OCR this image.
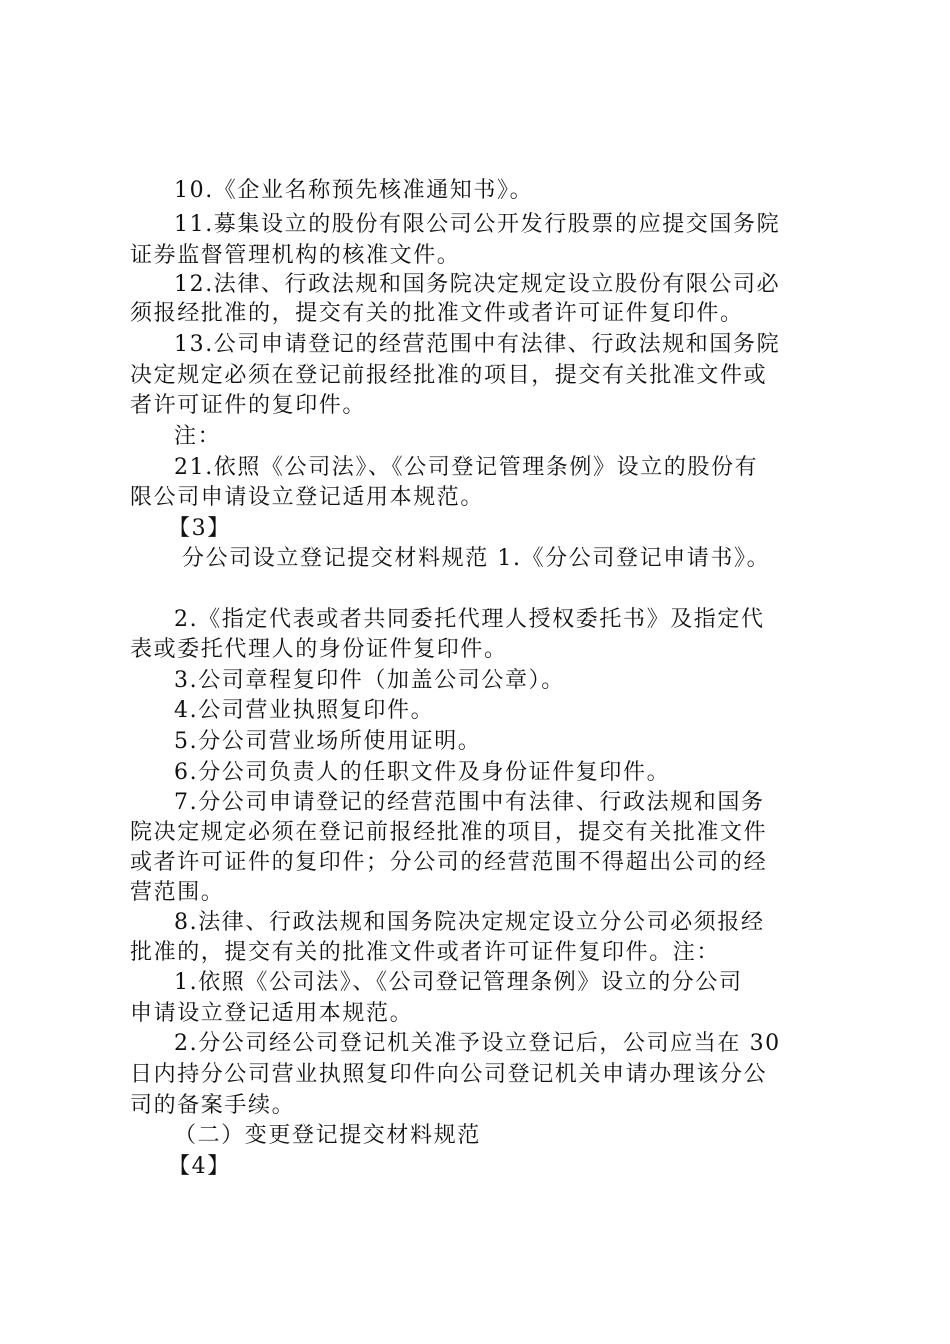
10.《企业名称预先核准通知书》。
11.募集设立的股份有限公司公开发行股票的应提交国务院
证券监督管理机构的核准文件。
12.法律、行政法规和国务院决定规定设立股份有限公司必
须报经批准的，提交有关的批准文件或者许可证件复印件。
13.公司申请登记的经营范围中有法律、行政法规和国务院
决定规定必须在登记前报经批准的项目，提交有关批准文件或
者许可证件的复印件。
注：
21.依照《公司法》、《公司登记管理条例》设立的股份有
限公司申请设立登记适用本规范。
【3】
分公司设立登记提交材料规范 1.《分公司登记申请书》。
2.《指定代表或者共同委托代理人授权委托书》及指定代
表或委托代理人的身份证件复印件。
3.公司章程复印件（加盖公司公章）。
4.公司营业执照复印件。
5.分公司营业场所使用证明。
6.分公司负责人的任职文件及身份证件复印件。
7.分公司申请登记的经营范围中有法律、行政法规和国务
院决定规定必须在登记前报经批准的项目，提交有关批准文件
或者许可证件的复印件；分公司的经营范围不得超出公司的经
营范围。
8.法律、行政法规和国务院决定规定设立分公司必须报经
批准的，提交有关的批准文件或者许可证件复印件。注：
1.依照《公司法》、《公司登记管理条例》设立的分公司
申请设立登记适用本规范。
2.分公司经公司登记机关准予设立登记后，公司应当在 30
日内持分公司营业执照复印件向公司登记机关申请办理该分公
司的备案手续。
（二）变更登记提交材料规范
【4】
